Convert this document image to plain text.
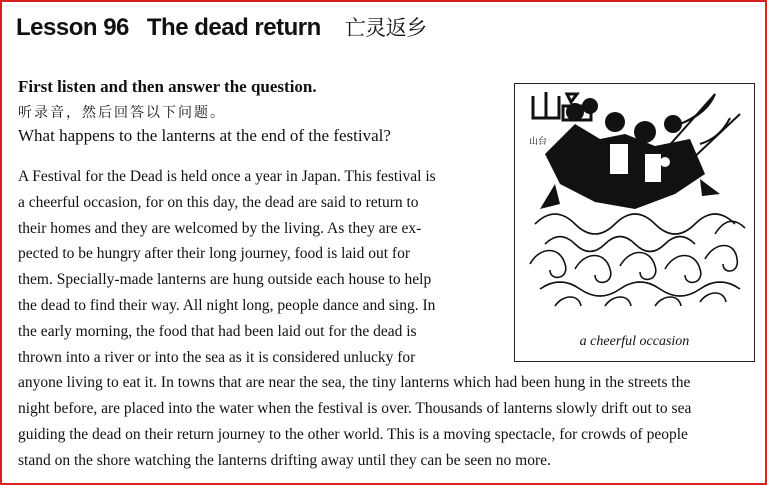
Lesson 96 The dead return 亡灵返乡
First listen and then answer the question.
听录音，然后回答以下问题。
What happens to the lanterns at the end of the festival?	山台
a cheerful occasion
A Festival for the Dead is held once a year in Japan. This festival is
a cheerful occasion, for on this day, the dead are said to return to
their homes and they are welcomed by the living. As they are ex-
pected to be hungry after their long journey, food is laid out for
them. Specially-made lanterns are hung outside each house to help
the dead to find their way. All night long, people dance and sing. In
the early morning, the food that had been laid out for the dead is
thrown into a river or into the sea as it is considered unlucky for
anyone living to eat it. In towns that are near the sea, the tiny lanterns which had been hung in the streets the
night before, are placed into the water when the festival is over. Thousands of lanterns slowly drift out to sea
guiding the dead on their return journey to the other world. This is a moving spectacle, for crowds of people
stand on the shore watching the lanterns drifting away until they can be seen no more.
